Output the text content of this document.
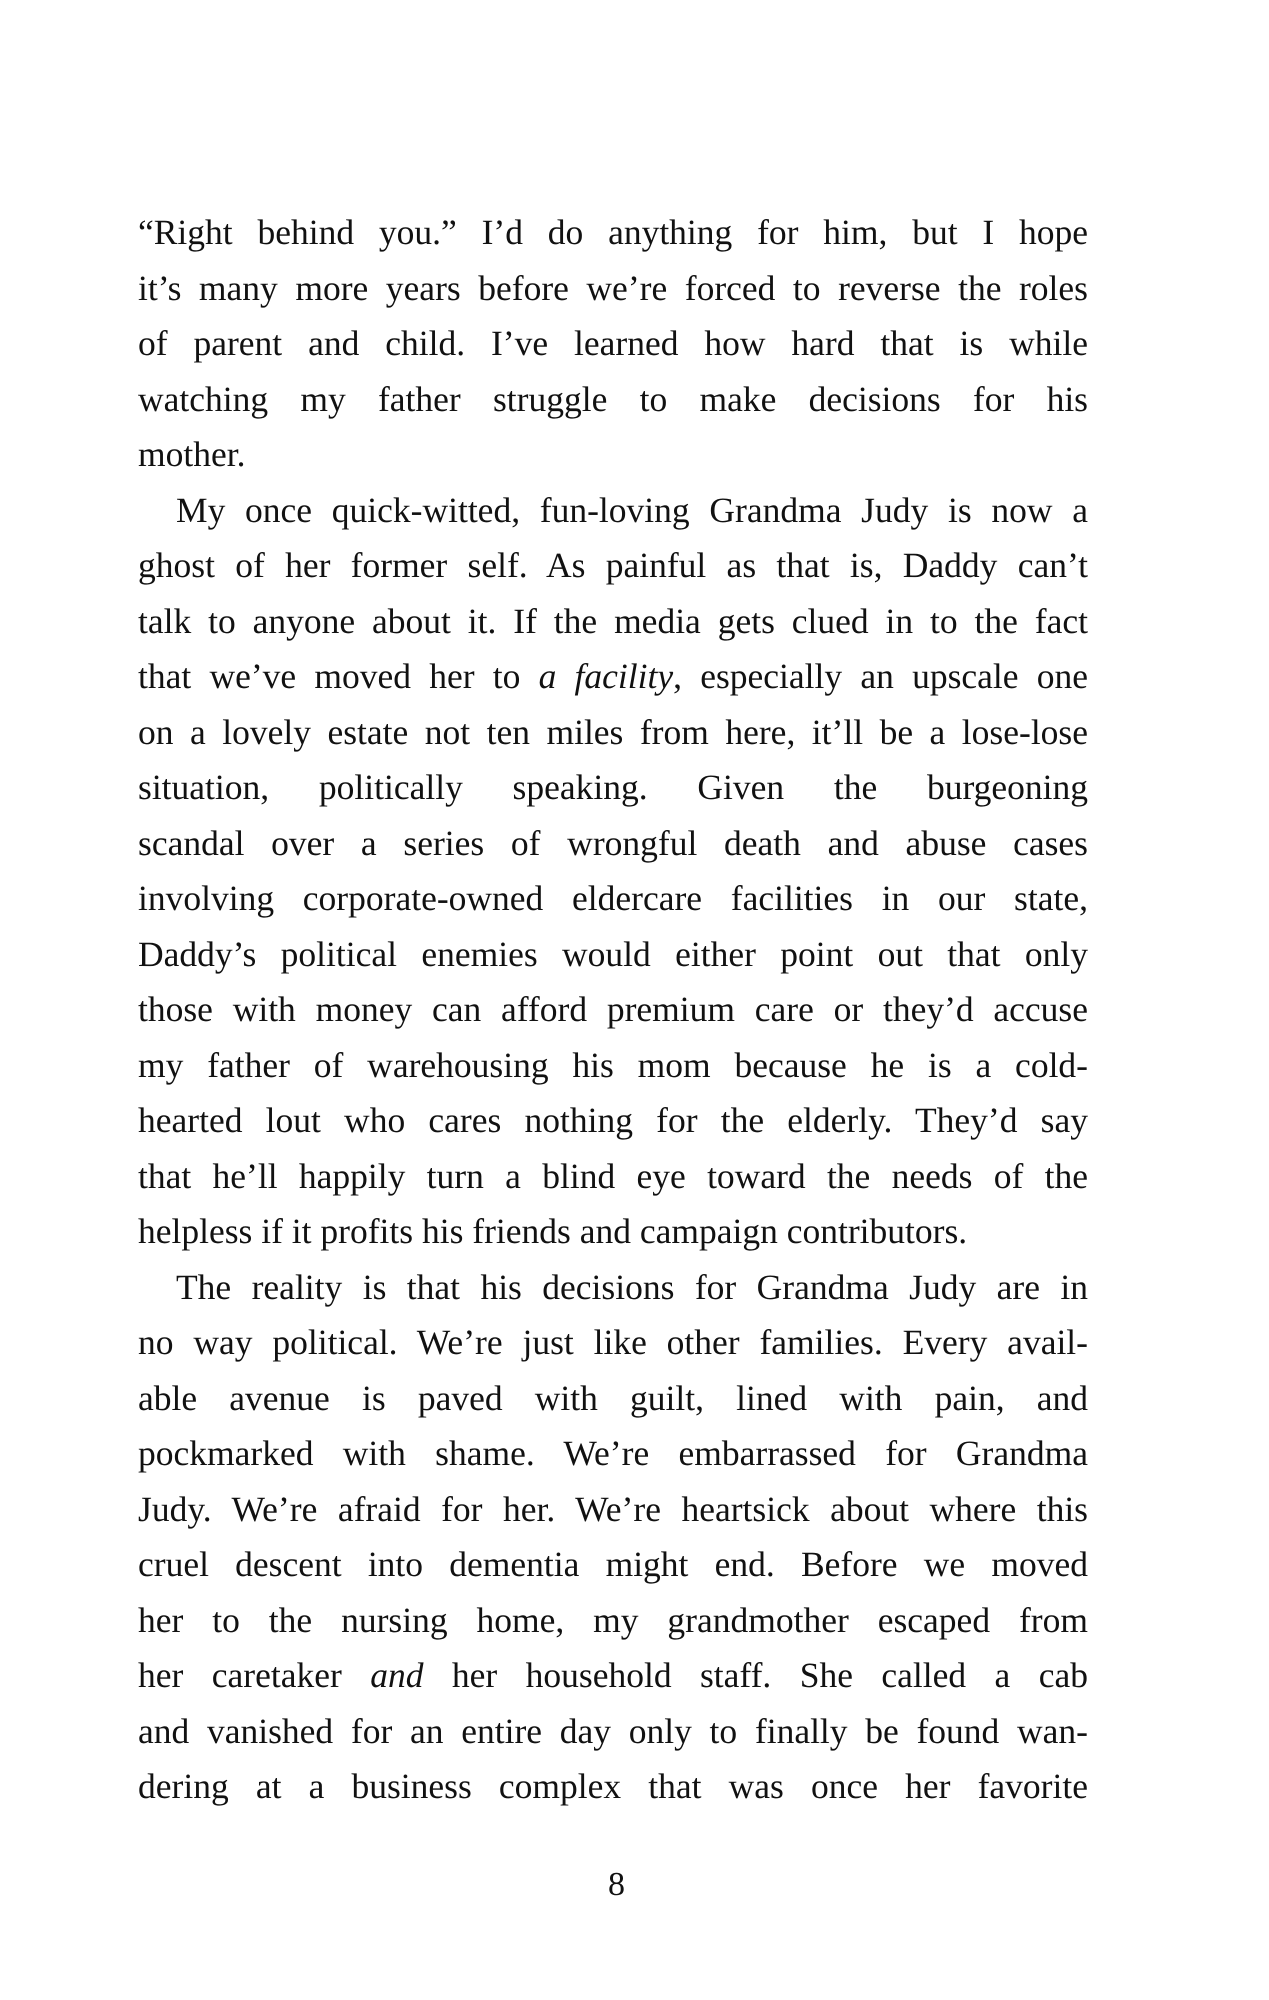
“Right behind you.” I’d do anything for him, but I hope
it’s many more years before we’re forced to reverse the roles
of parent and child. I’ve learned how hard that is while
watching my father struggle to make decisions for his
mother.
My once quick-witted, fun-loving Grandma Judy is now a
ghost of her former self. As painful as that is, Daddy can’t
talk to anyone about it. If the media gets clued in to the fact
that we’ve moved her to a facility, especially an upscale one
on a lovely estate not ten miles from here, it’ll be a lose-lose
situation, politically speaking. Given the burgeoning
scandal over a series of wrongful death and abuse cases
involving corporate-owned eldercare facilities in our state,
Daddy’s political enemies would either point out that only
those with money can afford premium care or they’d accuse
my father of warehousing his mom because he is a cold-
hearted lout who cares nothing for the elderly. They’d say
that he’ll happily turn a blind eye toward the needs of the
helpless if it profits his friends and campaign contributors.
The reality is that his decisions for Grandma Judy are in
no way political. We’re just like other families. Every avail-
able avenue is paved with guilt, lined with pain, and
pockmarked with shame. We’re embarrassed for Grandma
Judy. We’re afraid for her. We’re heartsick about where this
cruel descent into dementia might end. Before we moved
her to the nursing home, my grandmother escaped from
her caretaker and her household staff. She called a cab
and vanished for an entire day only to finally be found wan-
dering at a business complex that was once her favorite
8
